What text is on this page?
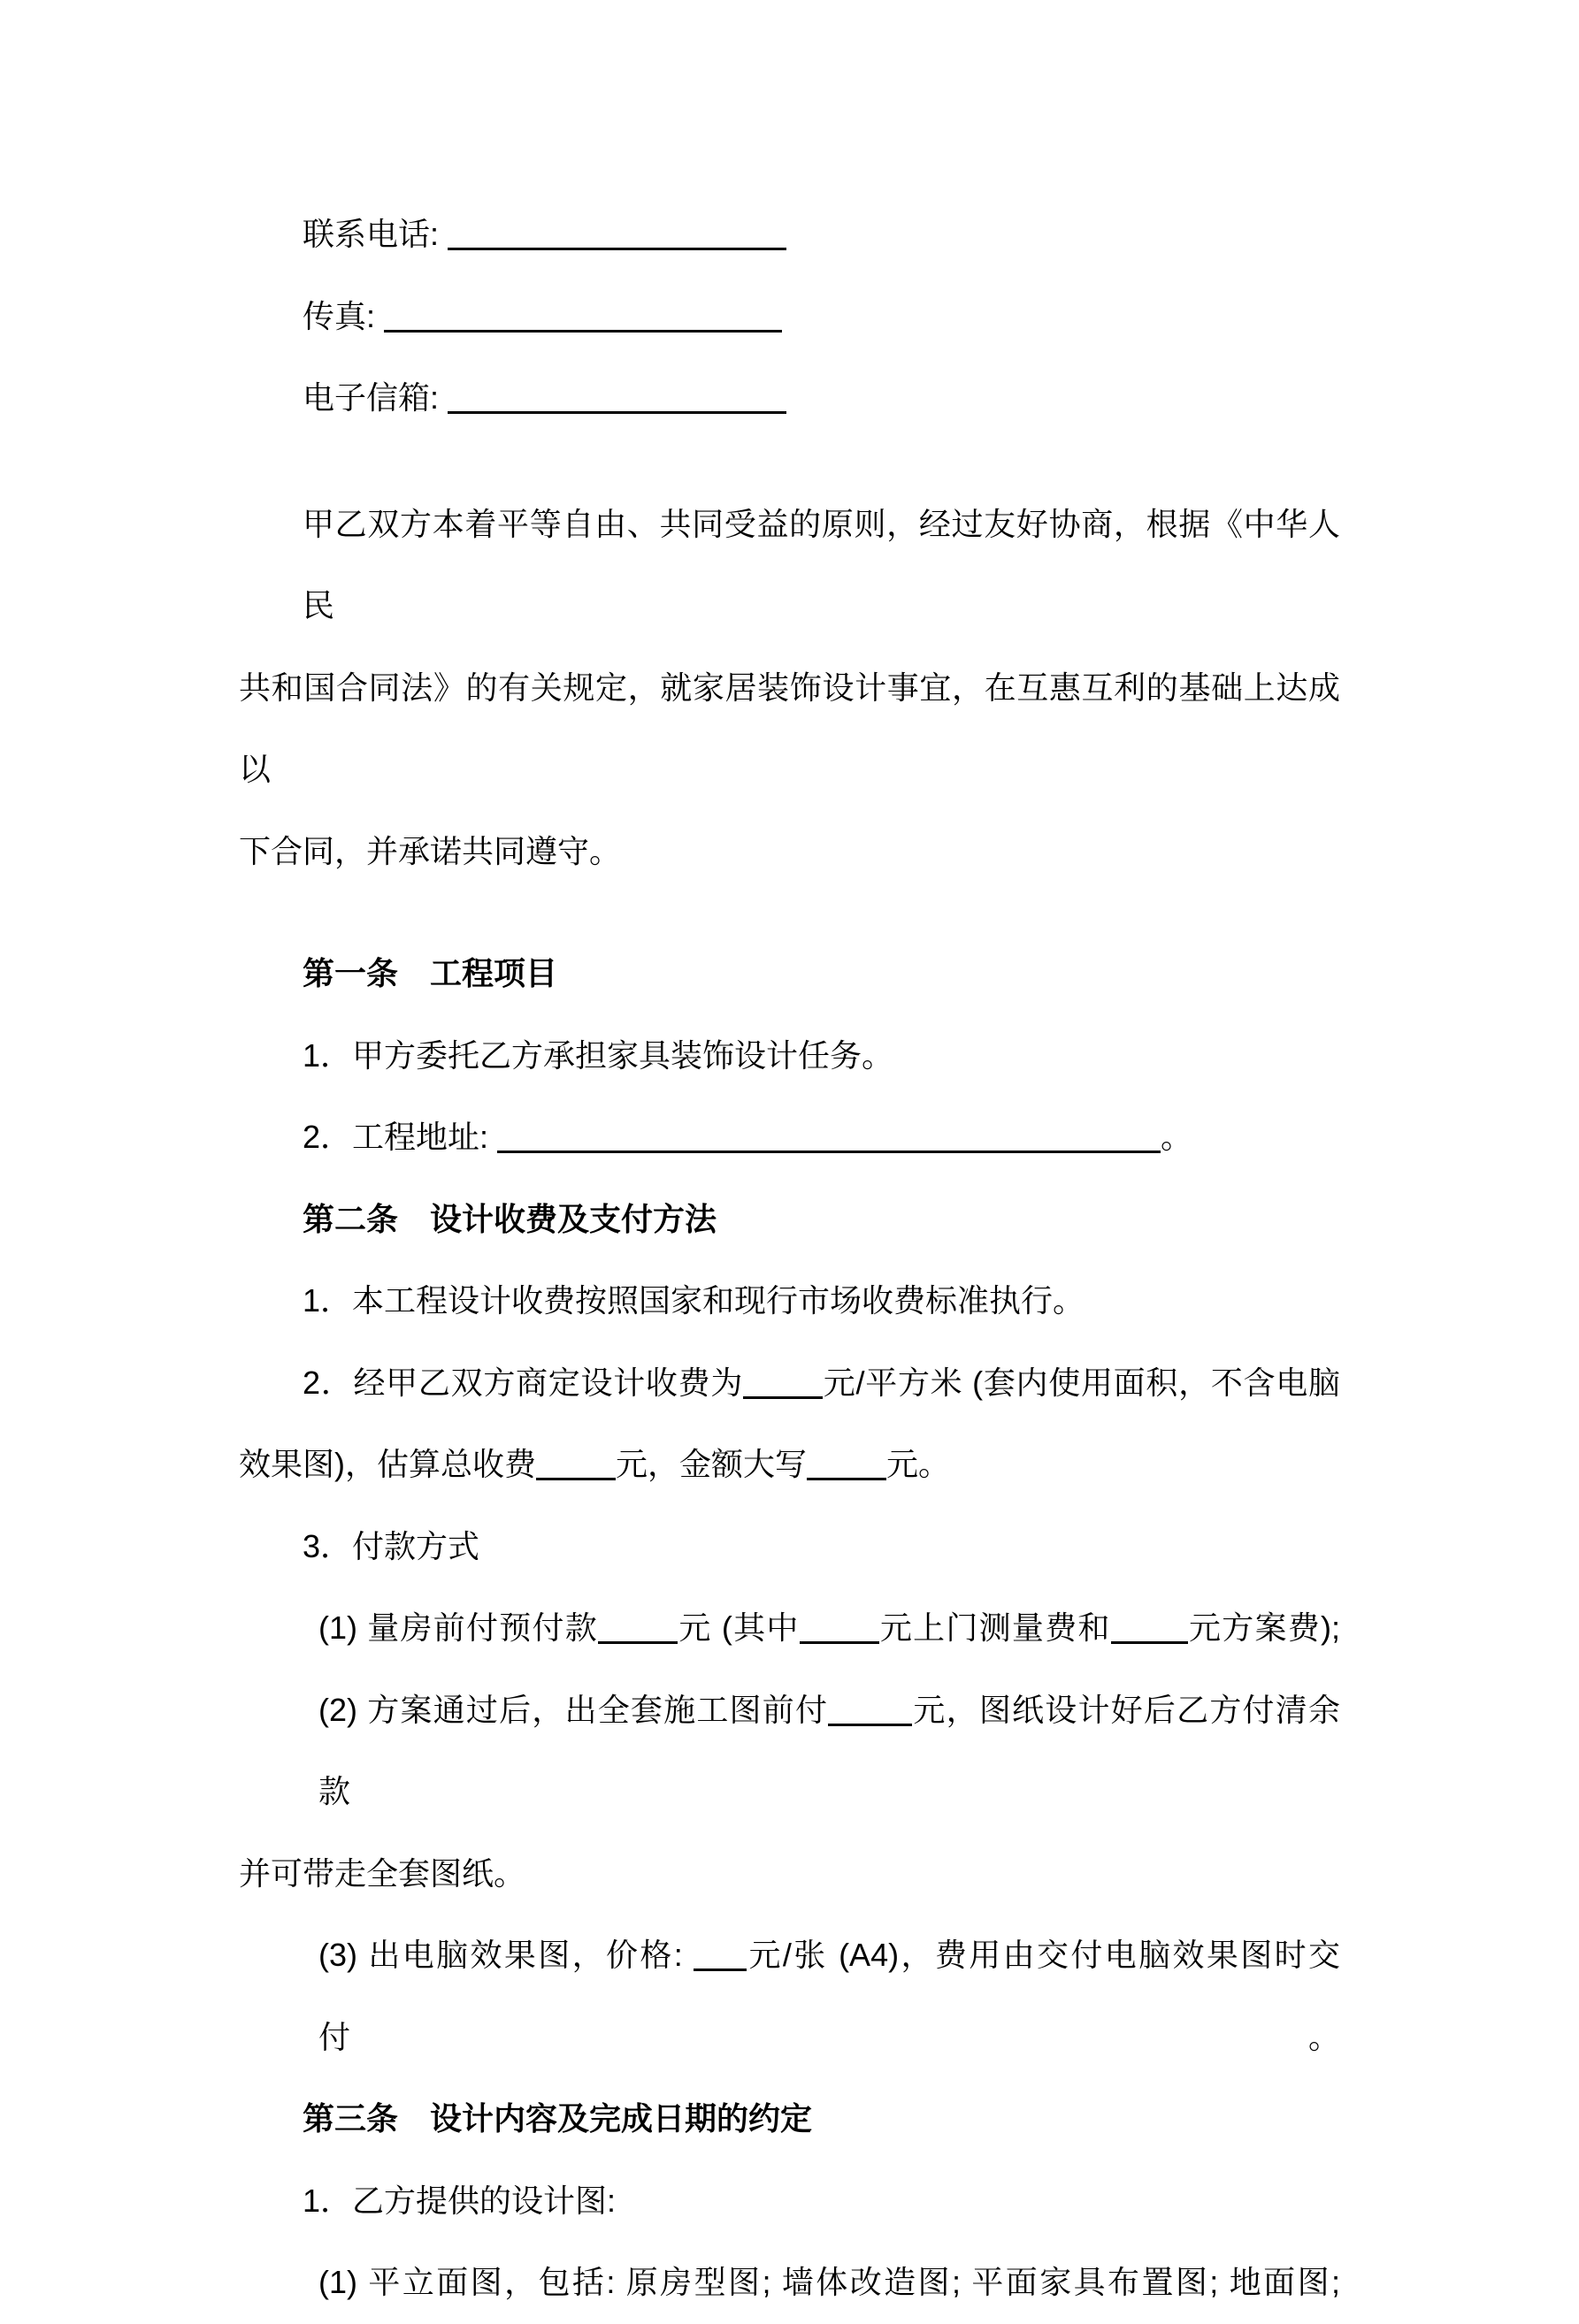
联系电话:
传真:
电子信箱:
甲乙双方本着平等自由、共同受益的原则，经过友好协商，根据《中华人民
共和国合同法》的有关规定，就家居装饰设计事宜，在互惠互利的基础上达成以
下合同，并承诺共同遵守。
第一条　工程项目
1．甲方委托乙方承担家具装饰设计任务。
2．工程地址:	。
第二条　设计收费及支付方法
1．本工程设计收费按照国家和现行市场收费标准执行。
2．经甲乙双方商定设计收费为	元/平方米 (套内使用面积，不含电脑
效果图)，估算总收费	元，金额大写	元。
3．付款方式
(1) 量房前付预付款	元 (其中	元上门测量费和 元方案费);
(2) 方案通过后，出全套施工图前付	元，图纸设计好后乙方付清余款
并可带走全套图纸。
(3) 出电脑效果图，价格: 元/张 (A4)，费用由交付电脑效果图时交付。
第三条　设计内容及完成日期的约定
1．乙方提供的设计图:
(1) 平立面图，包括: 原房型图; 墙体改造图; 平面家具布置图; 地面图;
